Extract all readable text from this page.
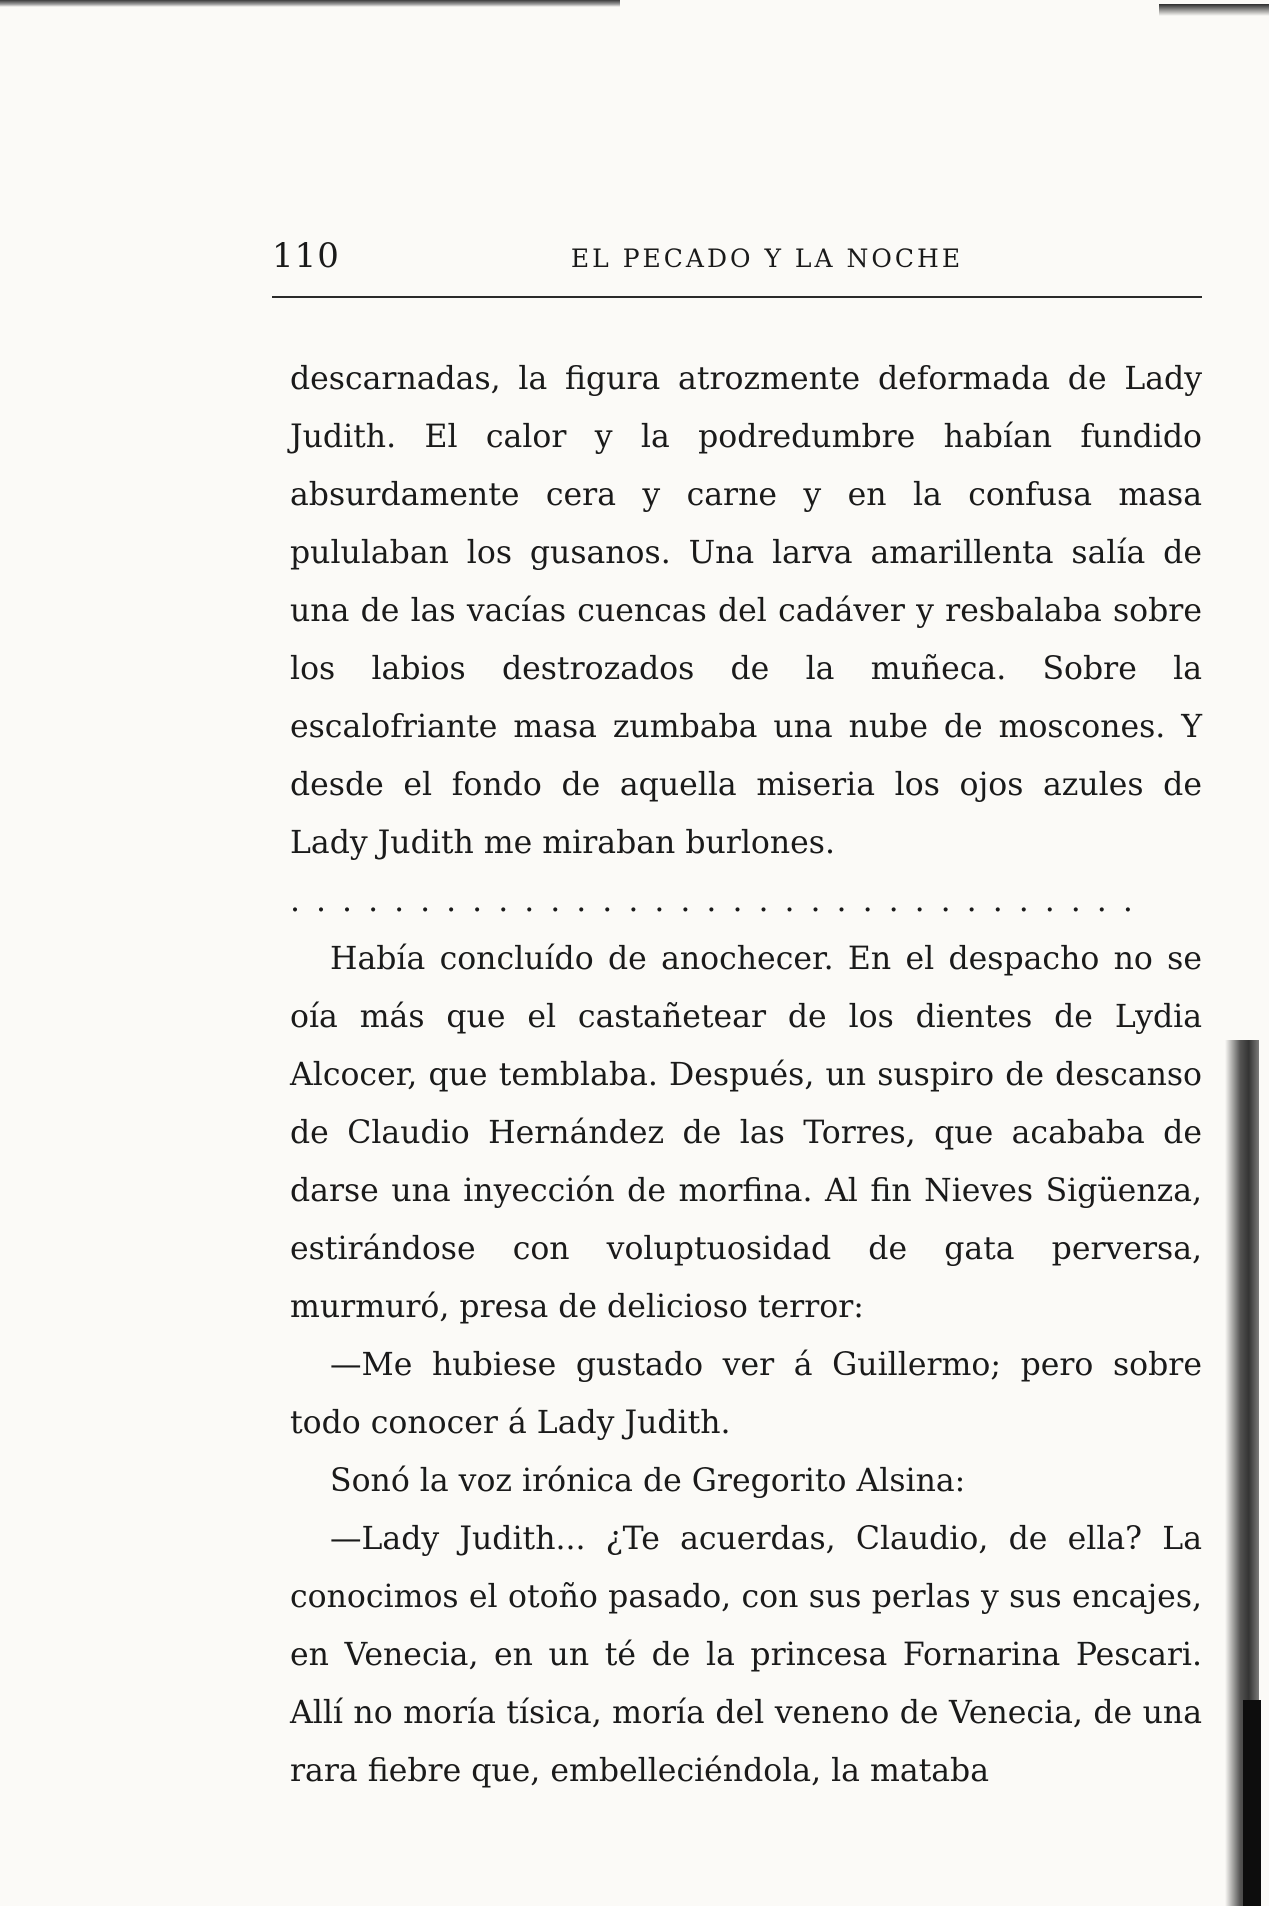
110	EL PECADO Y LA NOCHE

descarnadas, la figura atrozmente deformada de Lady Judith. El calor y la podredumbre habían fundido absurdamente cera y carne y en la confusa masa pululaban los gusanos. Una larva amarillenta salía de una de las vacías cuencas del cadáver y resbalaba sobre los labios destrozados de la muñeca. Sobre la escalofriante masa zumbaba una nube de moscones. Y desde el fondo de aquella miseria los ojos azules de Lady Judith me miraban burlones.

. . . . . . . . . . . . . . . . . . . . . . . . . . . . . . . . .

Había concluído de anochecer. En el despacho no se oía más que el castañetear de los dientes de Lydia Alcocer, que temblaba. Después, un suspiro de descanso de Claudio Hernández de las Torres, que acababa de darse una inyección de morfina. Al fin Nieves Sigüenza, estirándose con voluptuosidad de gata perversa, murmuró, presa de delicioso terror:

—Me hubiese gustado ver á Guillermo; pero sobre todo conocer á Lady Judith.

Sonó la voz irónica de Gregorito Alsina:

—Lady Judith... ¿Te acuerdas, Claudio, de ella? La conocimos el otoño pasado, con sus perlas y sus encajes, en Venecia, en un té de la princesa Fornarina Pescari. Allí no moría tísica, moría del veneno de Venecia, de una rara fiebre que, embelleciéndola, la mataba
